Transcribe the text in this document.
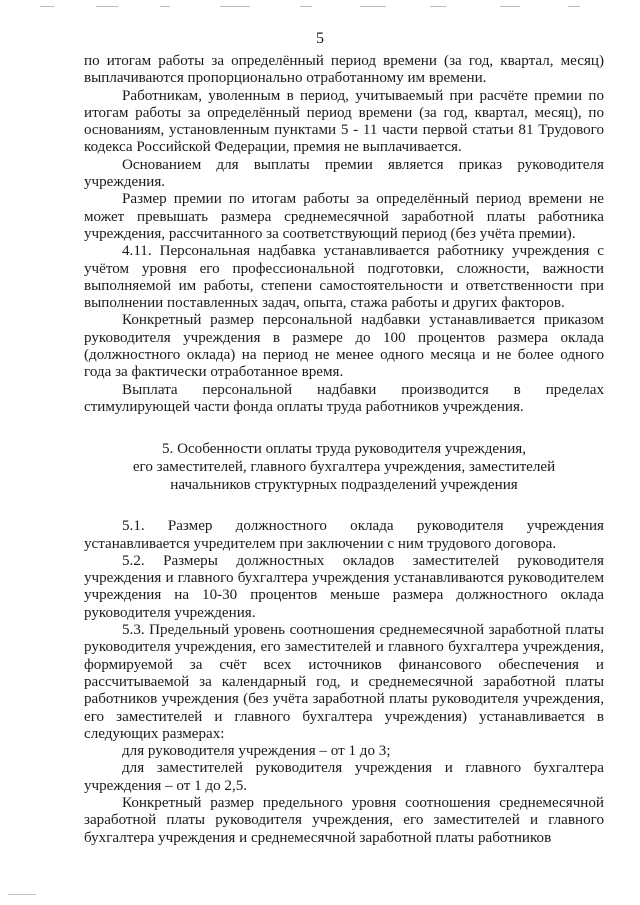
5

по итогам работы за определённый период времени (за год, квартал, месяц) выплачиваются пропорционально отработанному им времени.

Работникам, уволенным в период, учитываемый при расчёте премии по итогам работы за определённый период времени (за год, квартал, месяц), по основаниям, установленным пунктами 5 - 11 части первой статьи 81 Трудового кодекса Российской Федерации, премия не выплачивается.

Основанием для выплаты премии является приказ руководителя учреждения.

Размер премии по итогам работы за определённый период времени не может превышать размера среднемесячной заработной платы работника учреждения, рассчитанного за соответствующий период (без учёта премии).

4.11. Персональная надбавка устанавливается работнику учреждения с учётом уровня его профессиональной подготовки, сложности, важности выполняемой им работы, степени самостоятельности и ответственности при выполнении поставленных задач, опыта, стажа работы и других факторов.

Конкретный размер персональной надбавки устанавливается приказом руководителя учреждения в размере до 100 процентов размера оклада (должностного оклада) на период не менее одного месяца и не более одного года за фактически отработанное время.

Выплата персональной надбавки производится в пределах стимулирующей части фонда оплаты труда работников учреждения.

5. Особенности оплаты труда руководителя учреждения,
его заместителей, главного бухгалтера учреждения, заместителей
начальников структурных подразделений учреждения

5.1. Размер должностного оклада руководителя учреждения устанавливается учредителем при заключении с ним трудового договора.

5.2. Размеры должностных окладов заместителей руководителя учреждения и главного бухгалтера учреждения устанавливаются руководителем учреждения на 10-30 процентов меньше размера должностного оклада руководителя учреждения.

5.3. Предельный уровень соотношения среднемесячной заработной платы руководителя учреждения, его заместителей и главного бухгалтера учреждения, формируемой за счёт всех источников финансового обеспечения и рассчитываемой за календарный год, и среднемесячной заработной платы работников учреждения (без учёта заработной платы руководителя учреждения, его заместителей и главного бухгалтера учреждения) устанавливается в следующих размерах:

для руководителя учреждения – от 1 до 3;

для заместителей руководителя учреждения и главного бухгалтера учреждения – от 1 до 2,5.

Конкретный размер предельного уровня соотношения среднемесячной заработной платы руководителя учреждения, его заместителей и главного бухгалтера учреждения и среднемесячной заработной платы работников
